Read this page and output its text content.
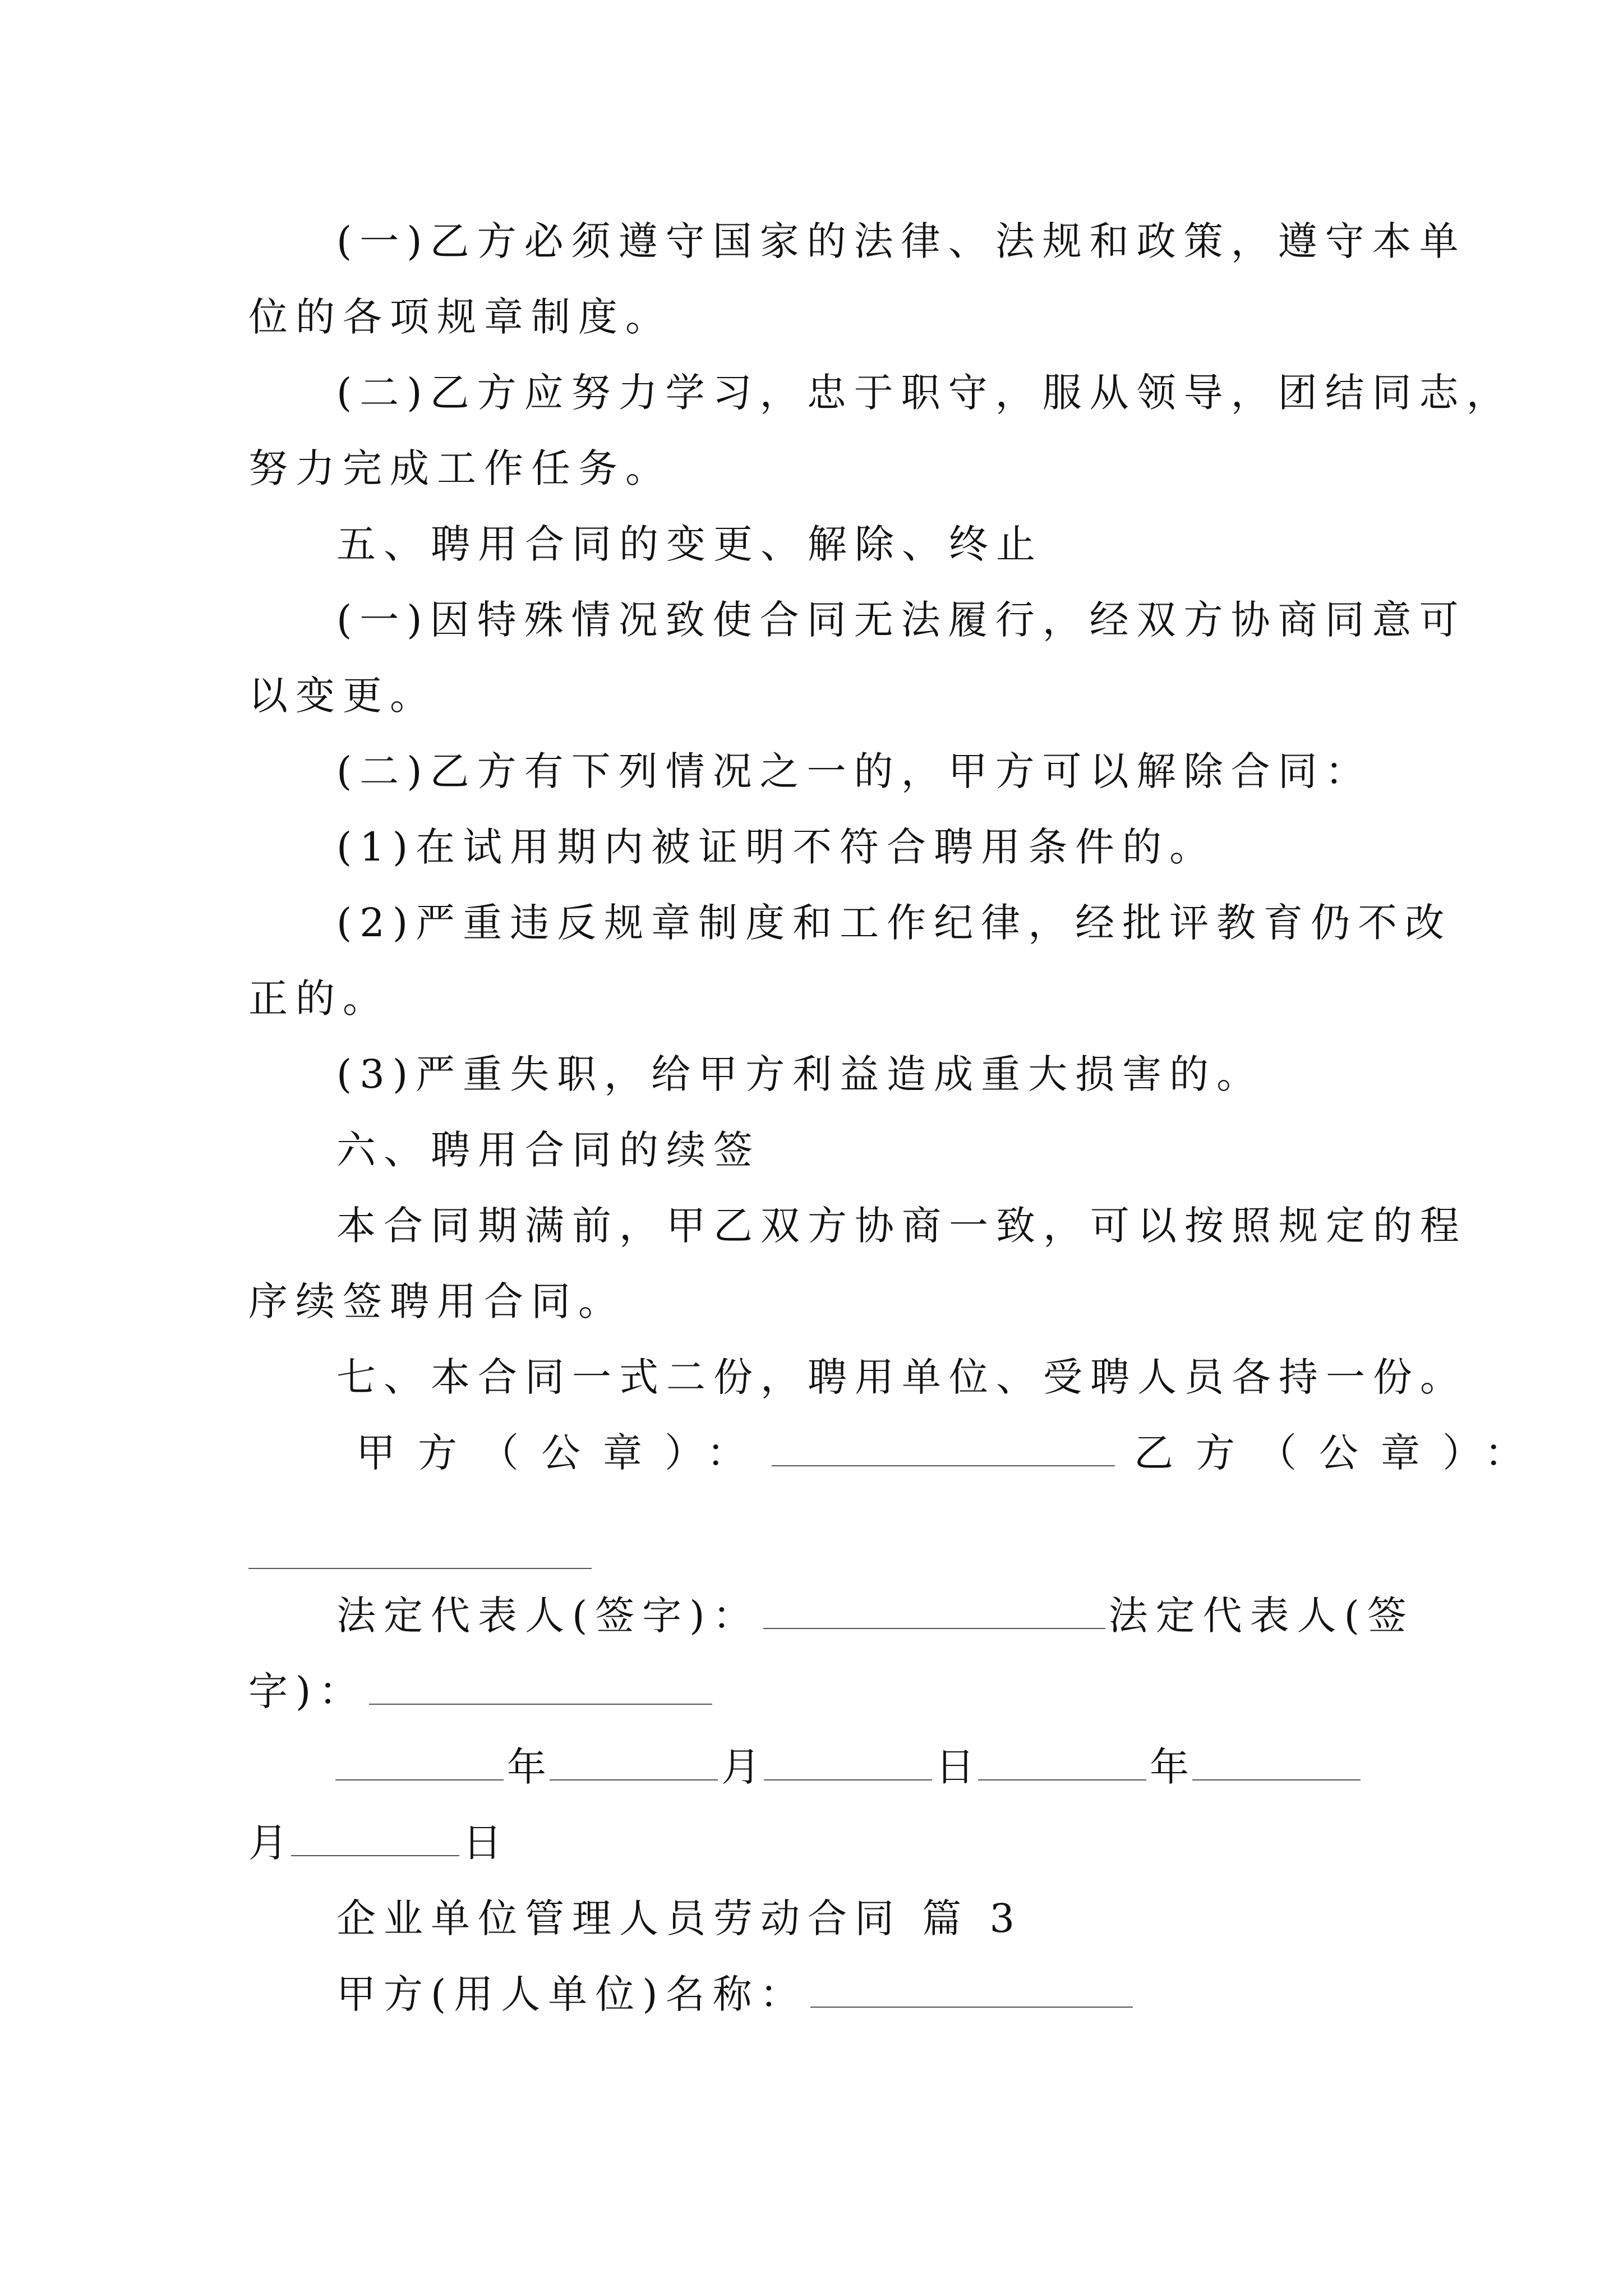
(一)乙方必须遵守国家的法律、法规和政策，遵守本单
位的各项规章制度。
(二)乙方应努力学习，忠于职守，服从领导，团结同志，
努力完成工作任务。
五、聘用合同的变更、解除、终止
(一)因特殊情况致使合同无法履行，经双方协商同意可
以变更。
(二)乙方有下列情况之一的，甲方可以解除合同：
(1)在试用期内被证明不符合聘用条件的。
(2)严重违反规章制度和工作纪律，经批评教育仍不改
正的。
(3)严重失职，给甲方利益造成重大损害的。
六、聘用合同的续签
本合同期满前，甲乙双方协商一致，可以按照规定的程
序续签聘用合同。
七、本合同一式二份，聘用单位、受聘人员各持一份。
甲方（公章）：	乙方（公章）：
法定代表人(签字)：	法定代表人(签
字)：
年	月	日	年
月	日
企业单位管理人员劳动合同 篇 3
甲方(用人单位)名称：
